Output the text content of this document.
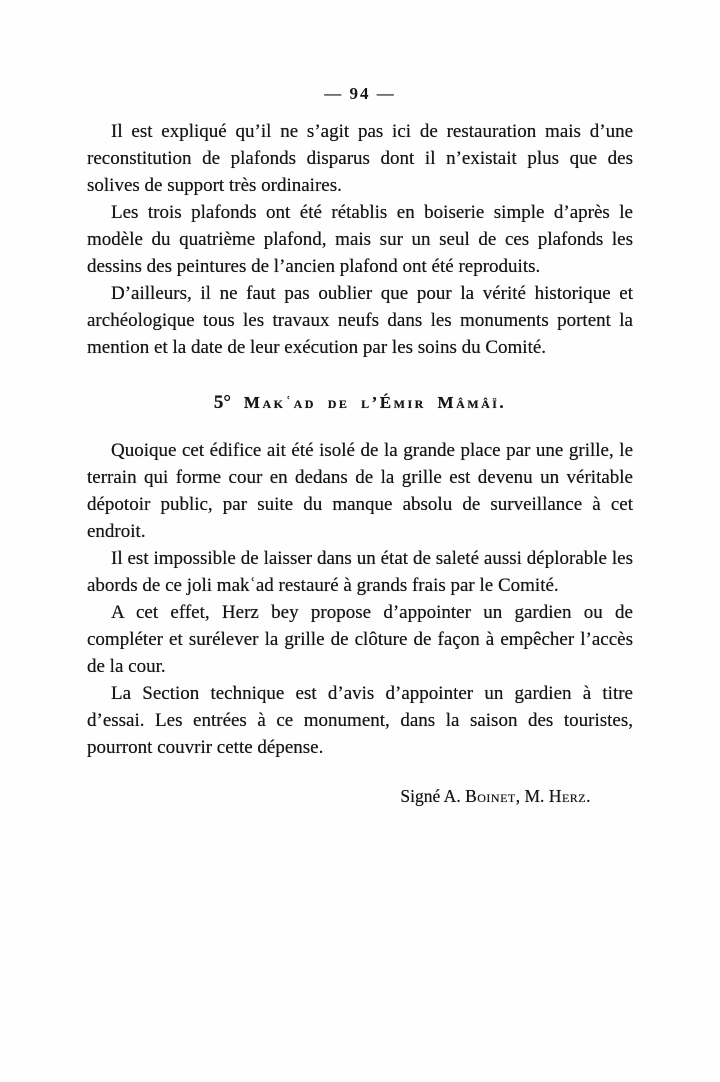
— 94 —

Il est expliqué qu’il ne s’agit pas ici de restauration mais d’une reconstitution de plafonds disparus dont il n’existait plus que des solives de support très ordinaires.

Les trois plafonds ont été rétablis en boiserie simple d’après le modèle du quatrième plafond, mais sur un seul de ces plafonds les dessins des peintures de l’ancien plafond ont été reproduits.

D’ailleurs, il ne faut pas oublier que pour la vérité historique et archéologique tous les travaux neufs dans les monuments portent la mention et la date de leur exécution par les soins du Comité.

5° Makʿad de l’Émir Mâmâï.

Quoique cet édifice ait été isolé de la grande place par une grille, le terrain qui forme cour en dedans de la grille est devenu un véritable dépotoir public, par suite du manque absolu de surveillance à cet endroit.

Il est impossible de laisser dans un état de saleté aussi déplorable les abords de ce joli makʿad restauré à grands frais par le Comité.

A cet effet, Herz bey propose d’appointer un gardien ou de compléter et surélever la grille de clôture de façon à empêcher l’accès de la cour.

La Section technique est d’avis d’appointer un gardien à titre d’essai. Les entrées à ce monument, dans la saison des touristes, pourront couvrir cette dépense.

Signé A. Boinet, M. Herz.
